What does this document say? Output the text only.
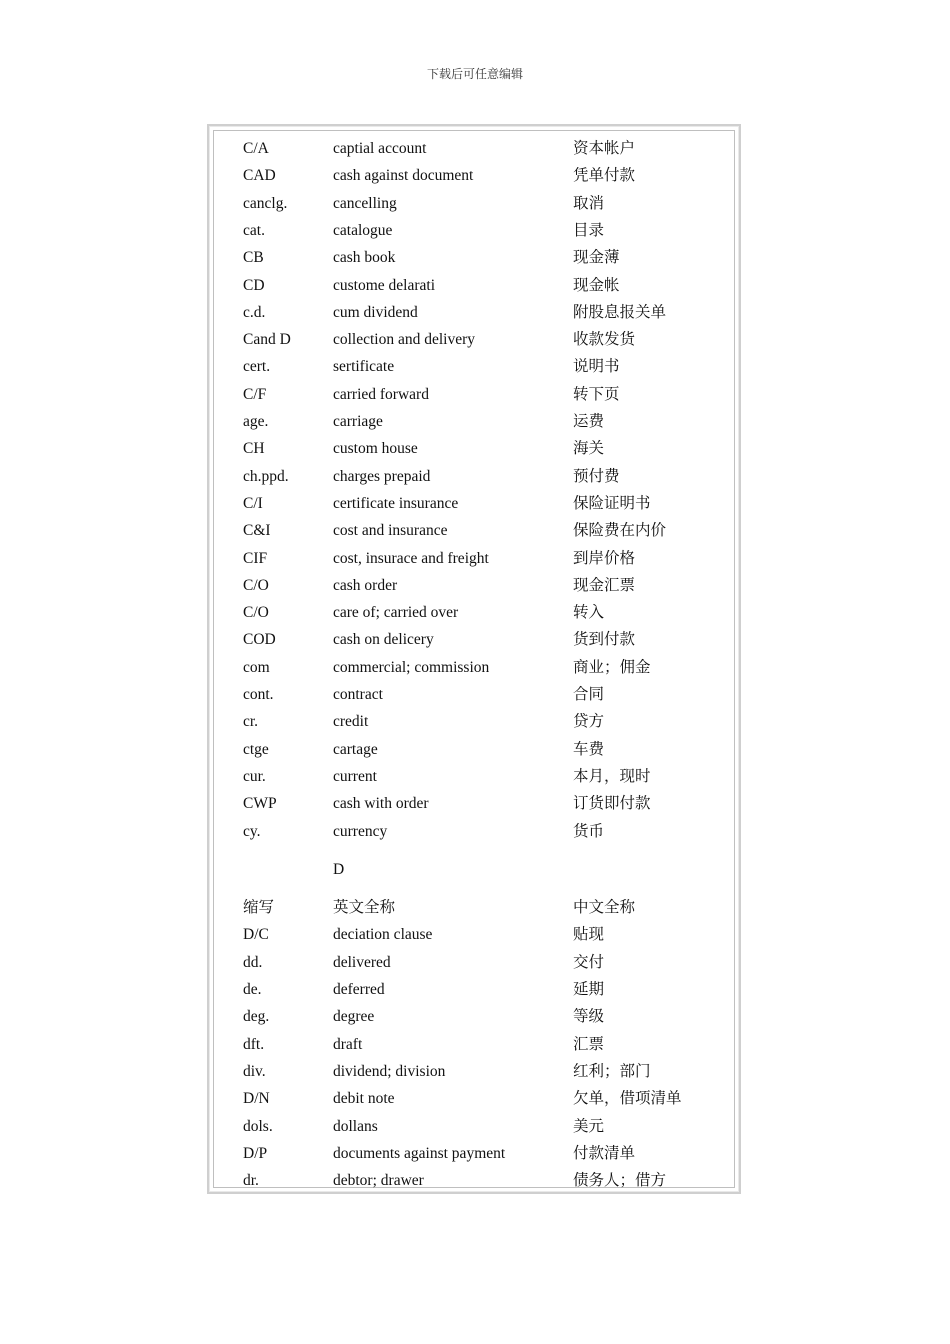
下载后可任意编辑
C/A	captial account	资本帐户
CAD	cash against document	凭单付款
canclg.	cancelling	取消
cat.	catalogue	目录
CB	cash book	现金薄
CD	custome delarati	现金帐
c.d.	cum dividend	附股息报关单
Cand D	collection and delivery	收款发货
cert.	sertificate	说明书
C/F	carried forward	转下页
age.	carriage	运费
CH	custom house	海关
ch.ppd.	charges prepaid	预付费
C/I	certificate insurance	保险证明书
C&I	cost and insurance	保险费在内价
CIF	cost, insurace and freight	到岸价格
C/O	cash order	现金汇票
C/O	care of; carried over	转入
COD	cash on delicery	货到付款
com	commercial; commission	商业；佣金
cont.	contract	合同
cr.	credit	贷方
ctge	cartage	车费
cur.	current	本月，现时
CWP	cash with order	订货即付款
cy.	currency	货币
D
缩写	英文全称	中文全称
D/C	deciation clause	贴现
dd.	delivered	交付
de.	deferred	延期
deg.	degree	等级
dft.	draft	汇票
div.	dividend; division	红利；部门
D/N	debit note	欠单，借项清单
dols.	dollans	美元
D/P	documents against payment	付款清单
dr.	debtor; drawer	债务人；借方
